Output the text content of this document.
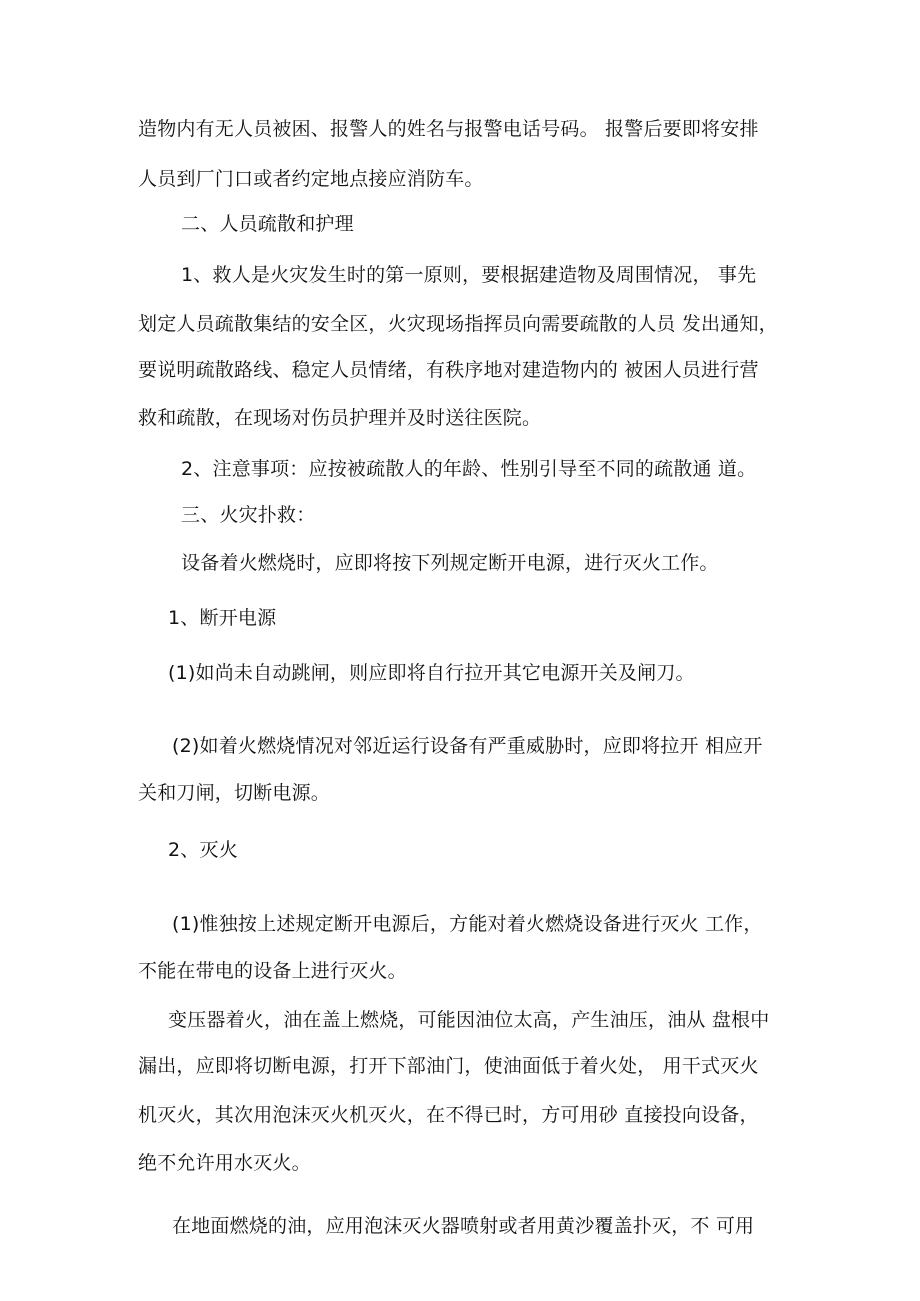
造物内有无人员被困、报警人的姓名与报警电话号码。 报警后要即将安排
人员到厂门口或者约定地点接应消防车。
二、人员疏散和护理
1、救人是火灾发生时的第一原则，要根据建造物及周围情况， 事先
划定人员疏散集结的安全区，火灾现场指挥员向需要疏散的人员 发出通知，
要说明疏散路线、稳定人员情绪，有秩序地对建造物内的 被困人员进行营
救和疏散，在现场对伤员护理并及时送往医院。
2、注意事项：应按被疏散人的年龄、性别引导至不同的疏散通 道。
三、火灾扑救：
设备着火燃烧时，应即将按下列规定断开电源，进行灭火工作。
1、断开电源
(1)如尚未自动跳闸，则应即将自行拉开其它电源开关及闸刀。
(2)如着火燃烧情况对邻近运行设备有严重威胁时，应即将拉开 相应开
关和刀闸，切断电源。
2、灭火
(1)惟独按上述规定断开电源后，方能对着火燃烧设备进行灭火 工作，
不能在带电的设备上进行灭火。
变压器着火，油在盖上燃烧，可能因油位太高，产生油压，油从 盘根中
漏出，应即将切断电源，打开下部油门，使油面低于着火处， 用干式灭火
机灭火，其次用泡沫灭火机灭火，在不得已时，方可用砂 直接投向设备，
绝不允许用水灭火。
在地面燃烧的油，应用泡沫灭火器喷射或者用黄沙覆盖扑灭，不 可用
